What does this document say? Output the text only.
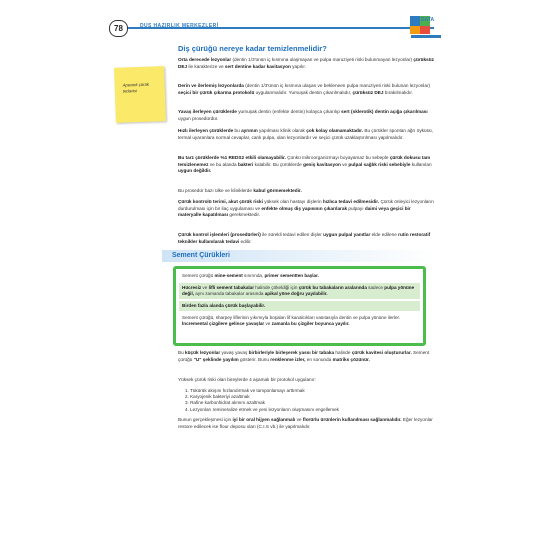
78	DUS HAZIRLIK MERKEZLERİ
DATA
Apexiek çürük tedavisi
Diş çürüğü nereye kadar temizlenmelidir?
Orta derecede lezyonlar (dentin 1/3'ünün iç kısmına ulaşmayan ve pulpa maruziyeti riski bulunmayan lezyonlar) çürüksüz DEJ ile karakterize ve sert dentine kadar kavitasyon yapılır.
Derin ve ilerlemiş lezyonlarda (dentin 1/3'ünün iç kısmına ulaşan ve bekleneen pulpa maruziyeti riski bulunan lezyonlar) seçici bir çürük çıkarma protokolü uygulanmalıdır. Yumuşak dentin çıkarılmalıdır, çürüksüz DEJ bırakılmalıdır.
Yavaş ilerleyen çürüklerde yumuşak dentin (enfekte dentin) kolayca çıkarılıp sert (sklerotik) dentin açığa çıkarılması uygun prosedürdür.
Hızlı ilerleyen çürüklerde bu ayrımın yapılması klinik olarak çok kolay olamamaktadır. Bu çürükler spontan ağrı öyküsü, termal uyaranlara normal cevaplar, canlı pulpa, olan lezyonlardır ve seçici çürük uzaklaştırılması yapılmalıdır.
Bu tarz çürüklerde %1 REDS2 etkili olamayabilir. Çünkü mikroorganizmayı boyayamaz bu sebeple çürük dokusu tam temizlenemez ve bu alanda bakteri kalabilir. Bu çürüklerde geniş kavitasyon ve pulpal sağlık riski sebebiyle kullanılan uygun değildir.
Bu prosedür bazı ülke ve kliniklerde kabul görmemektedir.
Çürük kontrolü terimi, akut çürük riski yüksek olan hastayı dişlerin hızlıca tedavi edilmesidir. Çürük önleyici lezyonların durdurulması için bir ilaç uygulaması ve enfekte olmuş diş yapısının çıkarılarak pulpayı daimi veya geçici bir materyalle kapatılması gerekmektedir.
Çürük kontrol işlemleri (prosedürleri) ile sürekli tedavi edilen dişler uygun pulpal yanıtlar elde edilene rutin restoratif teknikler kullanılarak tedavi edilir.
Sement Çürükleri
Sement çürüğü mine-sement sınırında, primer sementten başlar.
Hücresiz ve lifli sement tabakalar halinde çökeldiği için çürük bu tabakaların aralarında sadece pulpa yönüne değil, aynı zamanda tabakalar arasında apikal yöne doğru yayılabilir.
Birden fazla alanda çürük başlayabilir.
Sement çürüğü, sharpey liflerinin yıkımıyla boşalan lif kanalcıkları vasıtasıyla dentin ve pulpa yönüne ilerler. İncremental çizgilere gelince yavaşlar ve zamanla bu çizgiler boyunca yayılır.
Bu küçük lezyonlar yavaş yavaş birbirleriyle birleşerek yassı bir tabaka halinde çürük kavitesi oluştururlar. Sement çürüğü "U" şeklinde yayılım gösterir. Bunu renklenme izler, en sonunda matriks çözünür.
Yüksek çürük riski olan bireylerde 4 aşamalı bir protokol uygulanır:
1. Tükürük akışını hızlandırmak ve tamponlamayı arttırmak
2. Karyojenik bakteriyi azaltmak
3. Rafine karbonhidrat alımını azaltmak
4. Lezyonları remineralize etmek ve yeni lezyonların oluşmasını engellemek
Bunun gerçekleşmesi için iyi bir oral hijyen sağlanmalı ve florürlu ürünlerin kullanılması sağlanmalıdır. Eğer lezyonlar restore edilecek ise flour deposu olan (C.I.S vb.) ile yapılmalıdır.
